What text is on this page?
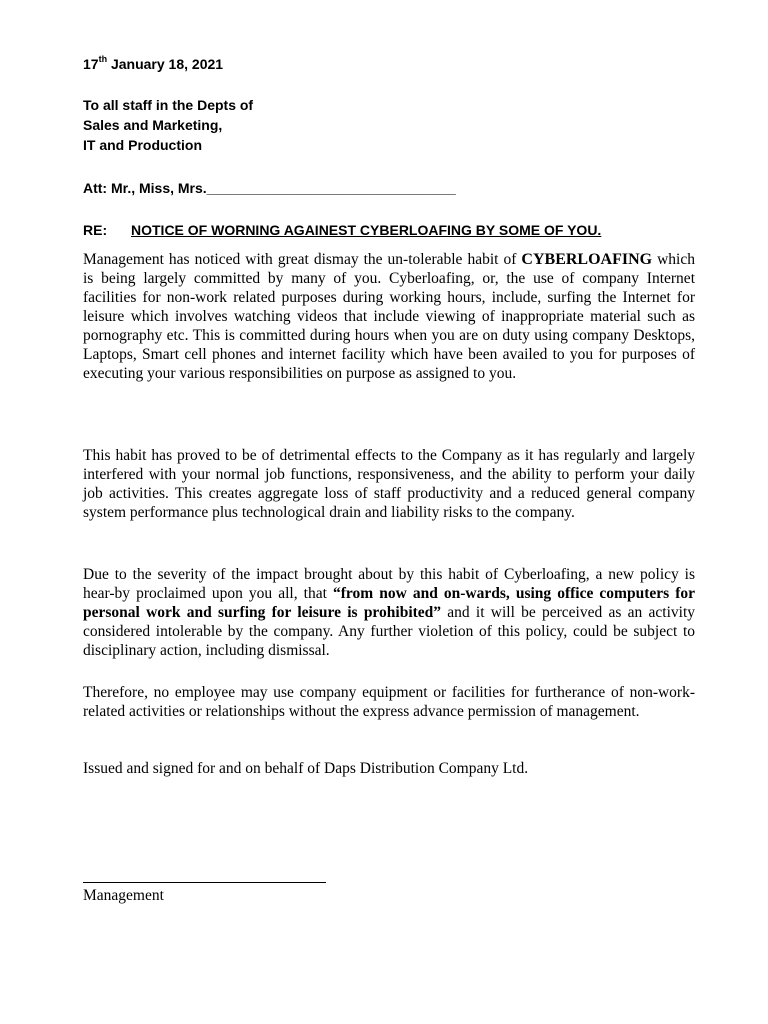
17th January 18, 2021
To all staff in the Depts of
Sales and Marketing,
IT and Production
Att: Mr., Miss, Mrs.________________________________
RE: NOTICE OF WORNING AGAINEST CYBERLOAFING BY SOME OF YOU.

Management has noticed with great dismay the un-tolerable habit of CYBERLOAFING which is being largely committed by many of you. Cyberloafing, or, the use of company Internet facilities for non-work related purposes during working hours, include, surfing the Internet for leisure which involves watching videos that include viewing of inappropriate material such as pornography etc. This is committed during hours when you are on duty using company Desktops, Laptops, Smart cell phones and internet facility which have been availed to you for purposes of executing your various responsibilities on purpose as assigned to you.

This habit has proved to be of detrimental effects to the Company as it has regularly and largely interfered with your normal job functions, responsiveness, and the ability to perform your daily job activities. This creates aggregate loss of staff productivity and a reduced general company system performance plus technological drain and liability risks to the company.

Due to the severity of the impact brought about by this habit of Cyberloafing, a new policy is hear-by proclaimed upon you all, that “from now and on-wards, using office computers for personal work and surfing for leisure is prohibited” and it will be perceived as an activity considered intolerable by the company. Any further violetion of this policy, could be subject to disciplinary action, including dismissal.

Therefore, no employee may use company equipment or facilities for furtherance of non-work-related activities or relationships without the express advance permission of management.

Issued and signed for and on behalf of Daps Distribution Company Ltd.

Management
